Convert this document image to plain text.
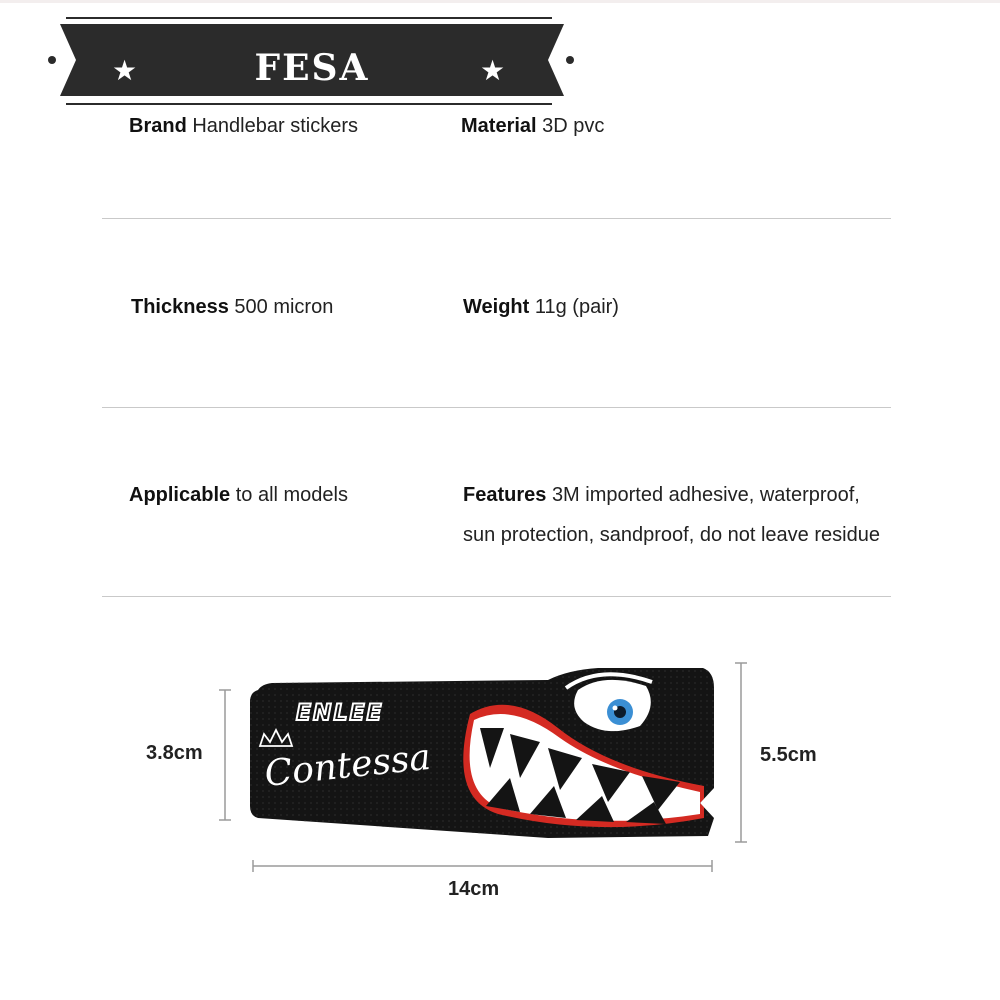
★	FESA	★
Brand Handlebar stickers	Material 3D pvc
Thickness 500 micron	Weight 11g (pair)
Applicable to all models	Features 3M imported adhesive, waterproof,
sun protection, sandproof, do not leave residue
3.8cm	5.5cm
14cm
ENLEE
Contessa
